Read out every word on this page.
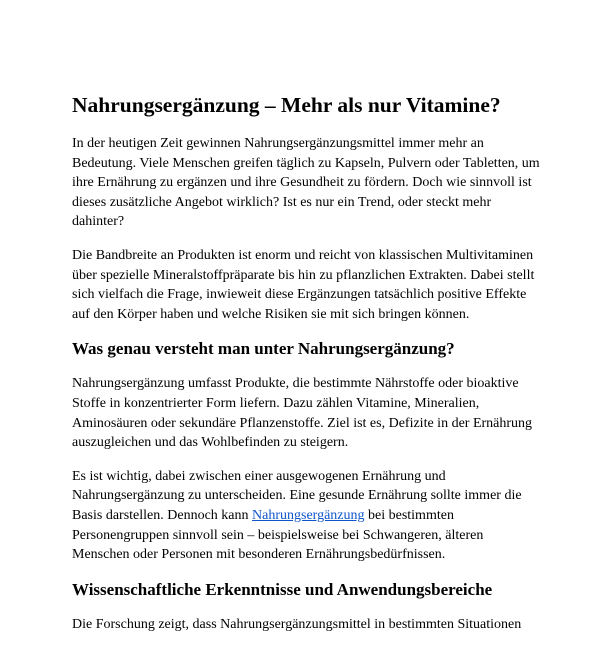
Nahrungsergänzung – Mehr als nur Vitamine?

In der heutigen Zeit gewinnen Nahrungsergänzungsmittel immer mehr an Bedeutung. Viele Menschen greifen täglich zu Kapseln, Pulvern oder Tabletten, um ihre Ernährung zu ergänzen und ihre Gesundheit zu fördern. Doch wie sinnvoll ist dieses zusätzliche Angebot wirklich? Ist es nur ein Trend, oder steckt mehr dahinter?

Die Bandbreite an Produkten ist enorm und reicht von klassischen Multivitaminen über spezielle Mineralstoffpräparate bis hin zu pflanzlichen Extrakten. Dabei stellt sich vielfach die Frage, inwieweit diese Ergänzungen tatsächlich positive Effekte auf den Körper haben und welche Risiken sie mit sich bringen können.

Was genau versteht man unter Nahrungsergänzung?

Nahrungsergänzung umfasst Produkte, die bestimmte Nährstoffe oder bioaktive Stoffe in konzentrierter Form liefern. Dazu zählen Vitamine, Mineralien, Aminosäuren oder sekundäre Pflanzenstoffe. Ziel ist es, Defizite in der Ernährung auszugleichen und das Wohlbefinden zu steigern.

Es ist wichtig, dabei zwischen einer ausgewogenen Ernährung und Nahrungsergänzung zu unterscheiden. Eine gesunde Ernährung sollte immer die Basis darstellen. Dennoch kann Nahrungsergänzung bei bestimmten Personengruppen sinnvoll sein – beispielsweise bei Schwangeren, älteren Menschen oder Personen mit besonderen Ernährungsbedürfnissen.

Wissenschaftliche Erkenntnisse und Anwendungsbereiche

Die Forschung zeigt, dass Nahrungsergänzungsmittel in bestimmten Situationen
